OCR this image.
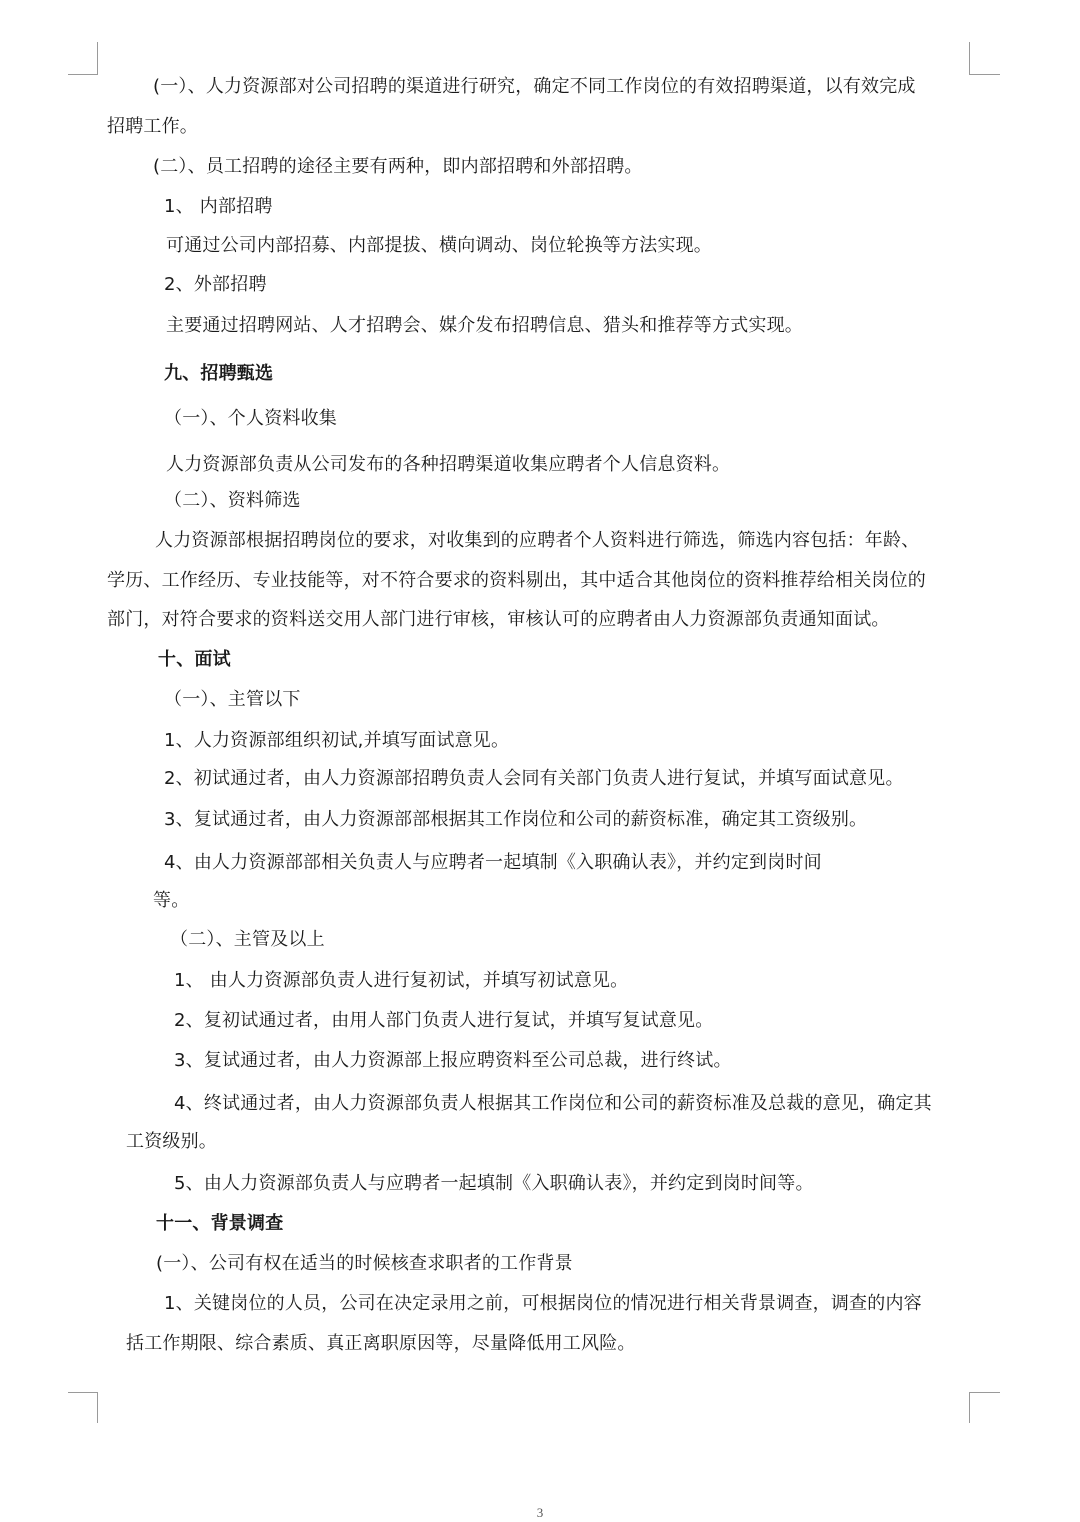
(一）、人力资源部对公司招聘的渠道进行研究，确定不同工作岗位的有效招聘渠道，以有效完成
招聘工作。
(二）、员工招聘的途径主要有两种，即内部招聘和外部招聘。
1、 内部招聘
可通过公司内部招募、内部提拔、横向调动、岗位轮换等方法实现。
2、外部招聘
主要通过招聘网站、人才招聘会、媒介发布招聘信息、猎头和推荐等方式实现。
九、招聘甄选
（一）、个人资料收集
人力资源部负责从公司发布的各种招聘渠道收集应聘者个人信息资料。
（二）、资料筛选
人力资源部根据招聘岗位的要求，对收集到的应聘者个人资料进行筛选，筛选内容包括：年龄、
学历、工作经历、专业技能等，对不符合要求的资料剔出，其中适合其他岗位的资料推荐给相关岗位的
部门，对符合要求的资料送交用人部门进行审核，审核认可的应聘者由人力资源部负责通知面试。
十、面试
（一）、主管以下
1、人力资源部组织初试,并填写面试意见。
2、初试通过者，由人力资源部招聘负责人会同有关部门负责人进行复试，并填写面试意见。
3、复试通过者，由人力资源部部根据其工作岗位和公司的薪资标准，确定其工资级别。
4、由人力资源部部相关负责人与应聘者一起填制《入职确认表》，并约定到岗时间
等。
（二）、主管及以上
1、 由人力资源部负责人进行复初试，并填写初试意见。
2、复初试通过者，由用人部门负责人进行复试，并填写复试意见。
3、复试通过者，由人力资源部上报应聘资料至公司总裁，进行终试。
4、终试通过者，由人力资源部负责人根据其工作岗位和公司的薪资标准及总裁的意见，确定其
工资级别。
5、由人力资源部负责人与应聘者一起填制《入职确认表》，并约定到岗时间等。
十一、背景调查
(一）、公司有权在适当的时候核查求职者的工作背景
1、关键岗位的人员，公司在决定录用之前，可根据岗位的情况进行相关背景调查，调查的内容
括工作期限、综合素质、真正离职原因等，尽量降低用工风险。
3
